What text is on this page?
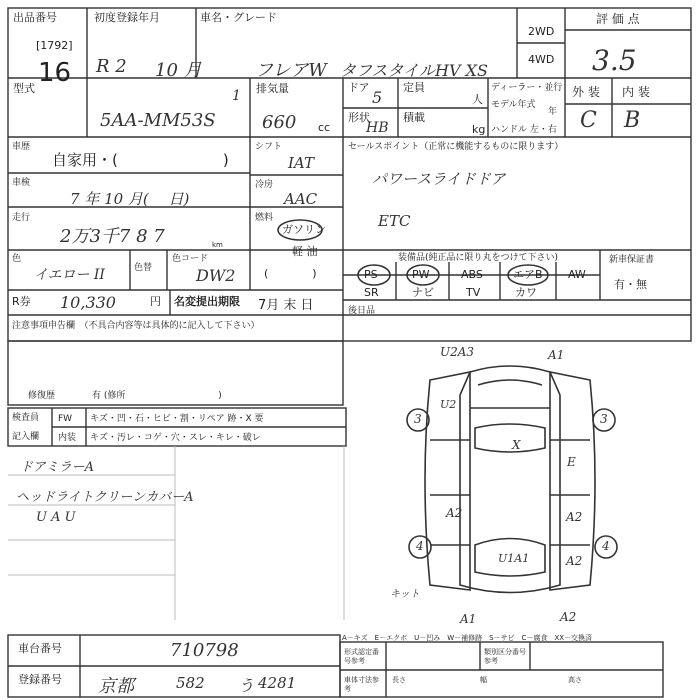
出品番号
[1792]
16
初度登録年月
R 2 10 月
車名・グレード
フレアW タフスタイルHV XS
1
2WD
4WD
型式
5AA-MM53S
排気量
660 cc
ドア
5
定員
人
形状
HB
積載
kg
ディーラー・並行
モデル年式
年
ハンドル 左・右
評 価 点
3.5
外 装 内 装
C B
車歴
自家用・(　　　　　　　)
車検
7 年 10 月(　 日)
走行
2万3千7 8 7	km
色
イエロー II	色替
色コード
DW2
R券 10,330	円 名変提出期限 7月 末 日
シフト
IAT
冷房
AAC
燃料
ガソリン
軽 油
(　　　　)
セールスポイント（正常に機能するものに限ります）
パワースライドドア
ETC
装備品(純正品に限り丸をつけて下さい)	新車保証書
有・無
PS	PW	ABS	エアB AW
SR	ナビ	TV	カワ
後日品
注意事項申告欄　（不具合内容等は具体的に記入して下さい）
修復歴	有 (修所　　　　　　　　　　 )
検査員
記入欄
FW キズ・凹・石・ヒビ・割・リペア 跡・X 要
内装 キズ・汚レ・コゲ・穴・スレ・キレ・破レ
ドアミラーA
ヘッドライトクリーンカバーA
U A U
U2A3	A1
U2
3	3
X
E
A2	A2
4	4
U1A1	A2
キット
A1	A2
A－キズ　E－エクボ　U－凹み　W－補修跡　S－サビ　C－腐食　XX－交換済
車台番号	710798
登録番号 京都	582 う 4281
形式認定番号参考
類別区分番号参考
車体寸法参考
長さ	幅	高さ
